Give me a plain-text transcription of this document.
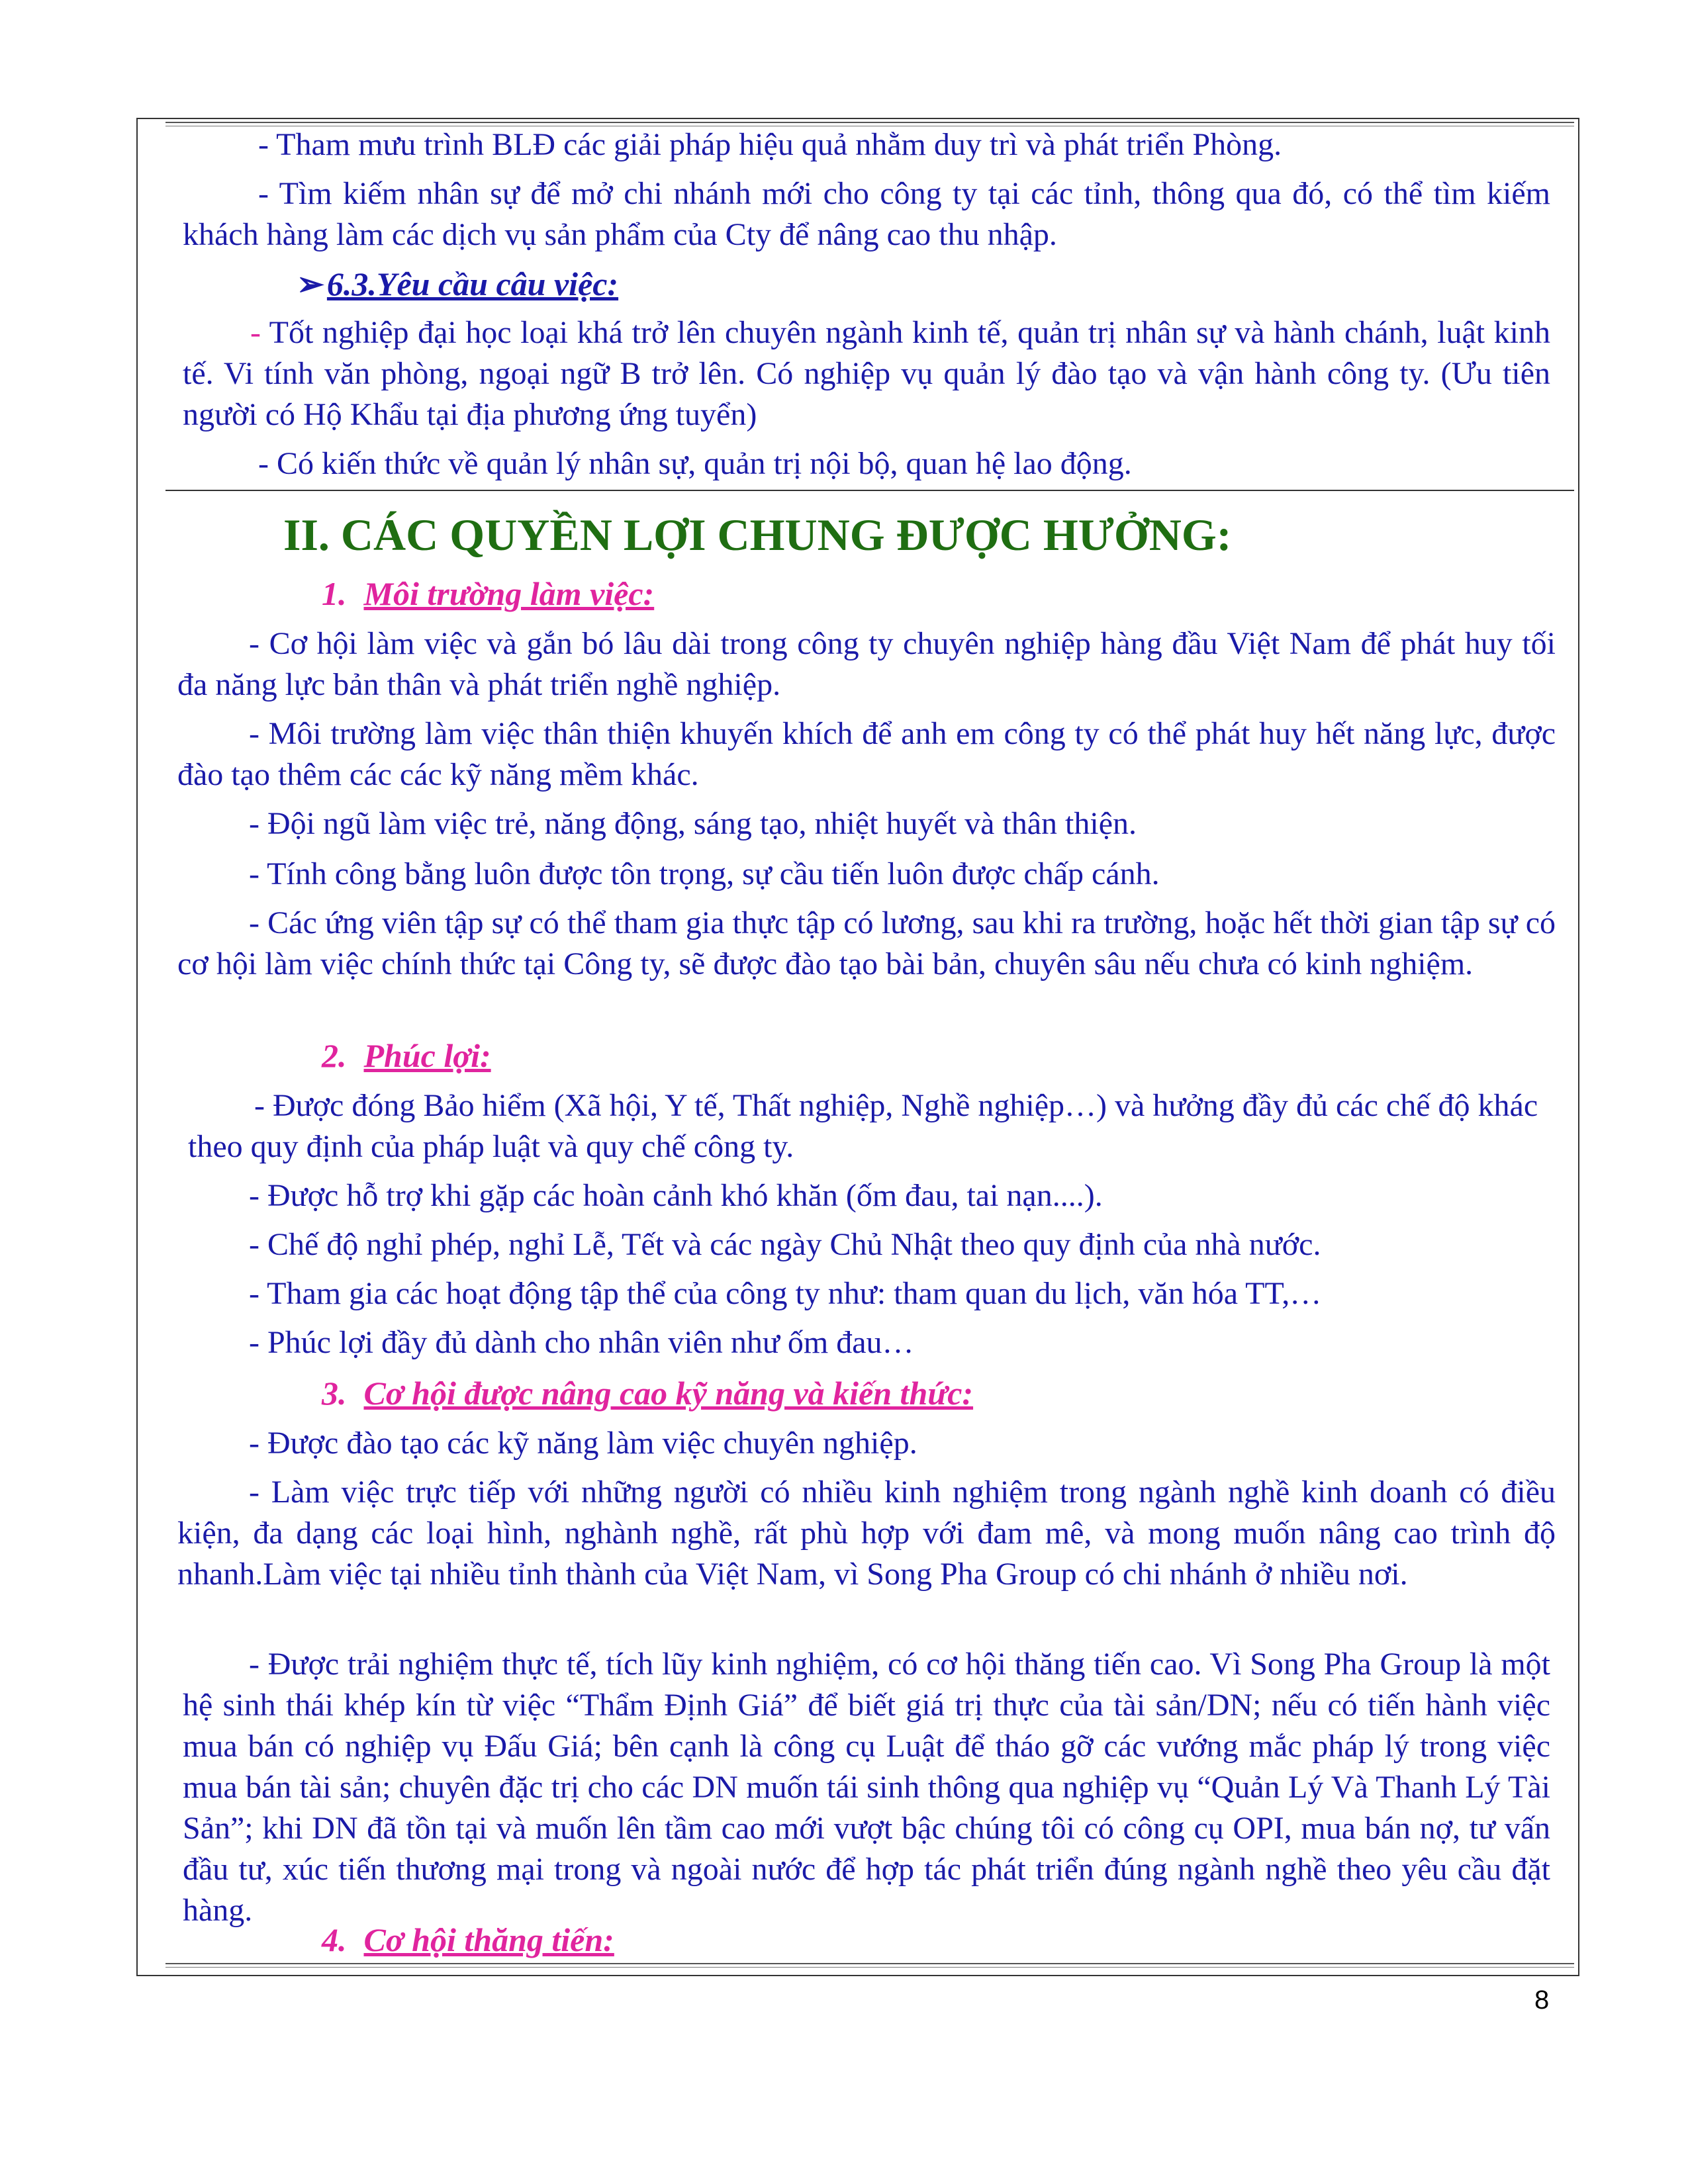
- Tham mưu trình BLĐ các giải pháp hiệu quả nhằm duy trì và phát triển Phòng.

- Tìm kiếm nhân sự để mở chi nhánh mới cho công ty tại các tỉnh, thông qua đó, có thể tìm kiếm khách hàng làm các dịch vụ sản phẩm của Cty để nâng cao thu nhập.

➢6.3.Yêu cầu câu việc:

- Tốt nghiệp đại học loại khá trở lên chuyên ngành kinh tế, quản trị nhân sự và hành chánh, luật kinh tế. Vi tính văn phòng, ngoại ngữ B trở lên. Có nghiệp vụ quản lý đào tạo và vận hành công ty. (Ưu tiên người có Hộ Khẩu tại địa phương ứng tuyển)

- Có kiến thức về quản lý nhân sự, quản trị nội bộ, quan hệ lao động.

II. CÁC QUYỀN LỢI CHUNG ĐƯỢC HƯỞNG:
1. Môi trường làm việc:

- Cơ hội làm việc và gắn bó lâu dài trong công ty chuyên nghiệp hàng đầu Việt Nam để phát huy tối đa năng lực bản thân và phát triển nghề nghiệp.

- Môi trường làm việc thân thiện khuyến khích để anh em công ty có thể phát huy hết năng lực, được đào tạo thêm các các kỹ năng mềm khác.

- Đội ngũ làm việc trẻ, năng động, sáng tạo, nhiệt huyết và thân thiện.

- Tính công bằng luôn được tôn trọng, sự cầu tiến luôn được chấp cánh.

- Các ứng viên tập sự có thể tham gia thực tập có lương, sau khi ra trường, hoặc hết thời gian tập sự có cơ hội làm việc chính thức tại Công ty, sẽ được đào tạo bài bản, chuyên sâu nếu chưa có kinh nghiệm.

2. Phúc lợi:

- Được đóng Bảo hiểm (Xã hội, Y tế, Thất nghiệp, Nghề nghiệp…) và hưởng đầy đủ các chế độ khác theo quy định của pháp luật và quy chế công ty.

- Được hỗ trợ khi gặp các hoàn cảnh khó khăn (ốm đau, tai nạn....).

- Chế độ nghỉ phép, nghỉ Lễ, Tết và các ngày Chủ Nhật theo quy định của nhà nước.

- Tham gia các hoạt động tập thể của công ty như: tham quan du lịch, văn hóa TT,…

- Phúc lợi đầy đủ dành cho nhân viên như ốm đau…

3. Cơ hội được nâng cao kỹ năng và kiến thức:

- Được đào tạo các kỹ năng làm việc chuyên nghiệp.

- Làm việc trực tiếp với những người có nhiều kinh nghiệm trong ngành nghề kinh doanh có điều kiện, đa dạng các loại hình, nghành nghề, rất phù hợp với đam mê, và mong muốn nâng cao trình độ nhanh.Làm việc tại nhiều tỉnh thành của Việt Nam, vì Song Pha Group có chi nhánh ở nhiều nơi.

- Được trải nghiệm thực tế, tích lũy kinh nghiệm, có cơ hội thăng tiến cao. Vì Song Pha Group là một hệ sinh thái khép kín từ việc “Thẩm Định Giá” để biết giá trị thực của tài sản/DN; nếu có tiến hành việc mua bán có nghiệp vụ Đấu Giá; bên cạnh là công cụ Luật để tháo gỡ các vướng mắc pháp lý trong việc mua bán tài sản; chuyên đặc trị cho các DN muốn tái sinh thông qua nghiệp vụ “Quản Lý Và Thanh Lý Tài Sản”; khi DN đã tồn tại và muốn lên tầm cao mới vượt bậc chúng tôi có công cụ OPI, mua bán nợ, tư vấn đầu tư, xúc tiến thương mại trong và ngoài nước để hợp tác phát triển đúng ngành nghề theo yêu cầu đặt hàng.

4. Cơ hội thăng tiến:
8
